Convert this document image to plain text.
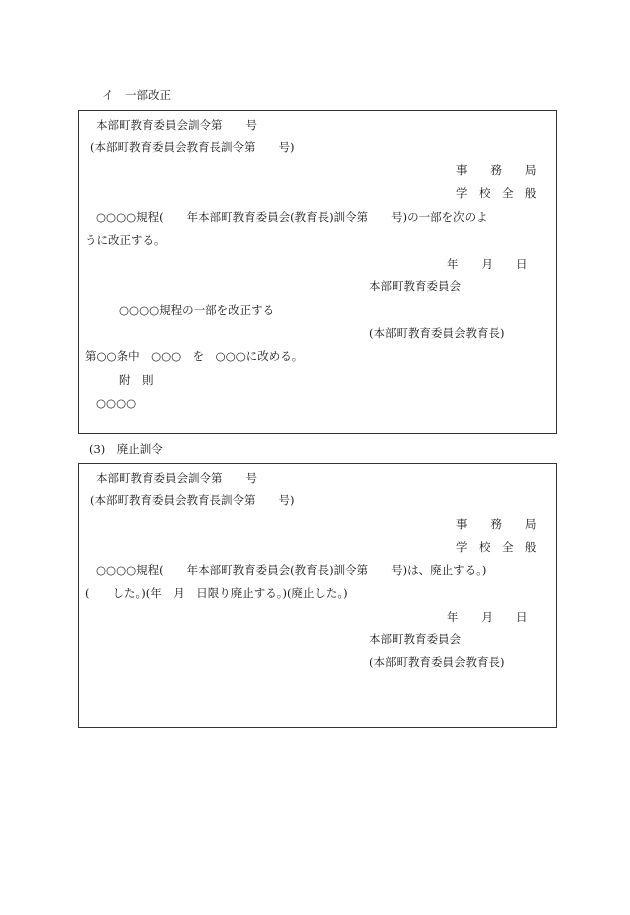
イ　一部改正
本部町教育委員会訓令第　　号
(本部町教育委員会教育長訓令第　　号)
事　　務　　局
学　校　全　般
○○○○規程(　　年本部町教育委員会(教育長)訓令第　　号)の一部を次のよ
うに改正する。
年　　月　　日
本部町教育委員会
○○○○規程の一部を改正する
(本部町教育委員会教育長)
第○○条中　○○○　を　○○○に改める。
附　則
○○○○
(3)　廃止訓令
本部町教育委員会訓令第　　号
(本部町教育委員会教育長訓令第　　号)
事　　務　　局
学　校　全　般
○○○○規程(　　年本部町教育委員会(教育長)訓令第　　号)は、廃止する。)
(　　した。)(年　月　日限り廃止する。)(廃止した。)
年　　月　　日
本部町教育委員会
(本部町教育委員会教育長)
